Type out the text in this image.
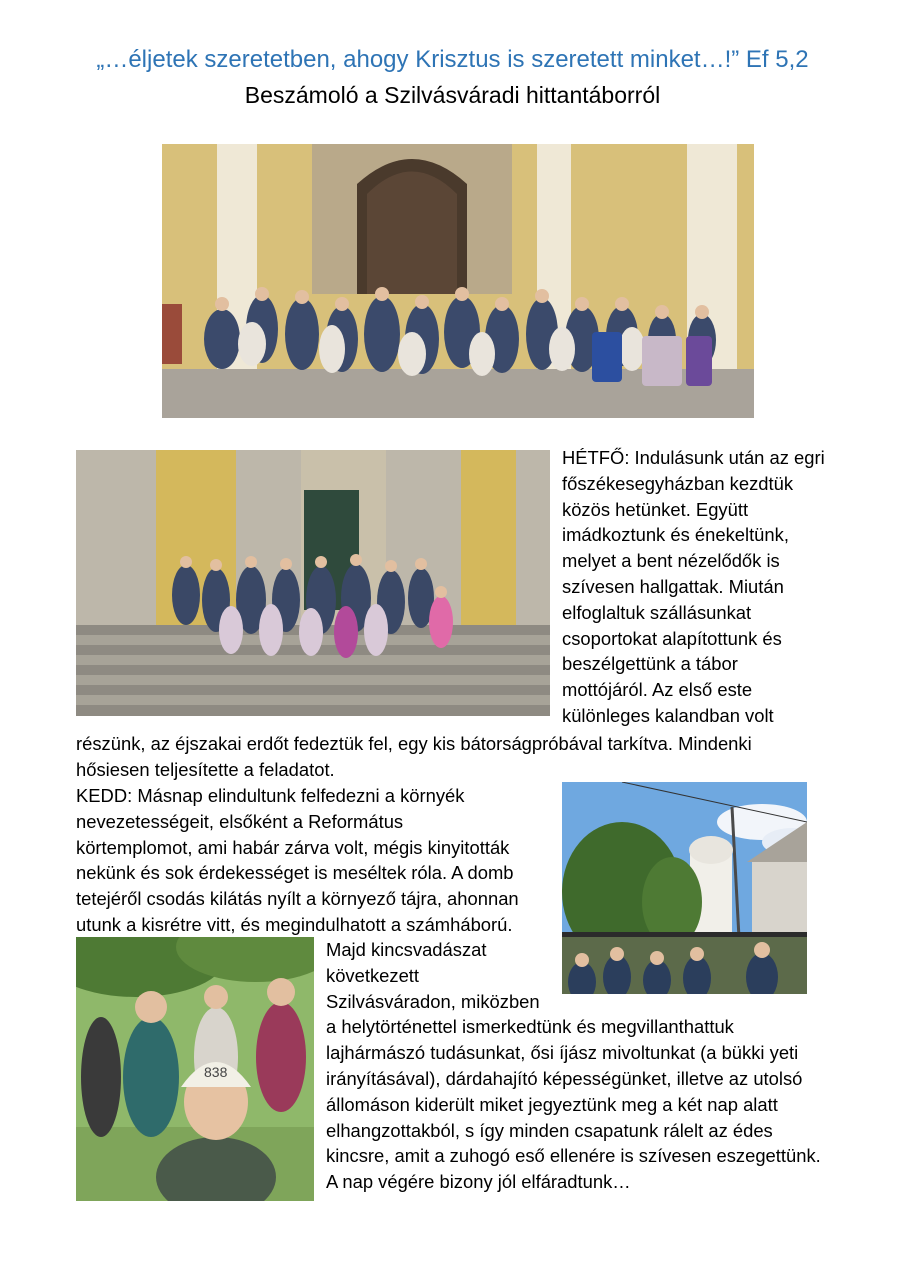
„…éljetek szeretetben, ahogy Krisztus is szeretett minket…!” Ef 5,2
Beszámoló a Szilvásváradi hittantáborról
838
HÉTFŐ: Indulásunk után az egri
főszékesegyházban kezdtük
közös hetünket. Együtt
imádkoztunk és énekeltünk,
melyet a bent nézelődők is
szívesen hallgattak. Miután
elfoglaltuk szállásunkat
csoportokat alapítottunk és
beszélgettünk a tábor
mottójáról. Az első este
különleges kalandban volt
részünk, az éjszakai erdőt fedeztük fel, egy kis bátorságpróbával tarkítva. Mindenki
hősiesen teljesítette a feladatot.
KEDD: Másnap elindultunk felfedezni a környék
nevezetességeit, elsőként a Református
körtemplomot, ami habár zárva volt, mégis kinyitották
nekünk és sok érdekességet is meséltek róla. A domb
tetejéről csodás kilátás nyílt a környező tájra, ahonnan
utunk a kisrétre vitt, és megindulhatott a számháború.
Majd kincsvadászat
következett
Szilvásváradon, miközben
a helytörténettel ismerkedtünk és megvillanthattuk
lajhármászó tudásunkat, ősi íjász mivoltunkat (a bükki yeti
irányításával), dárdahajító képességünket, illetve az utolsó
állomáson kiderült miket jegyeztünk meg a két nap alatt
elhangzottakból, s így minden csapatunk rálelt az édes
kincsre, amit a zuhogó eső ellenére is szívesen eszegettünk.
A nap végére bizony jól elfáradtunk…
